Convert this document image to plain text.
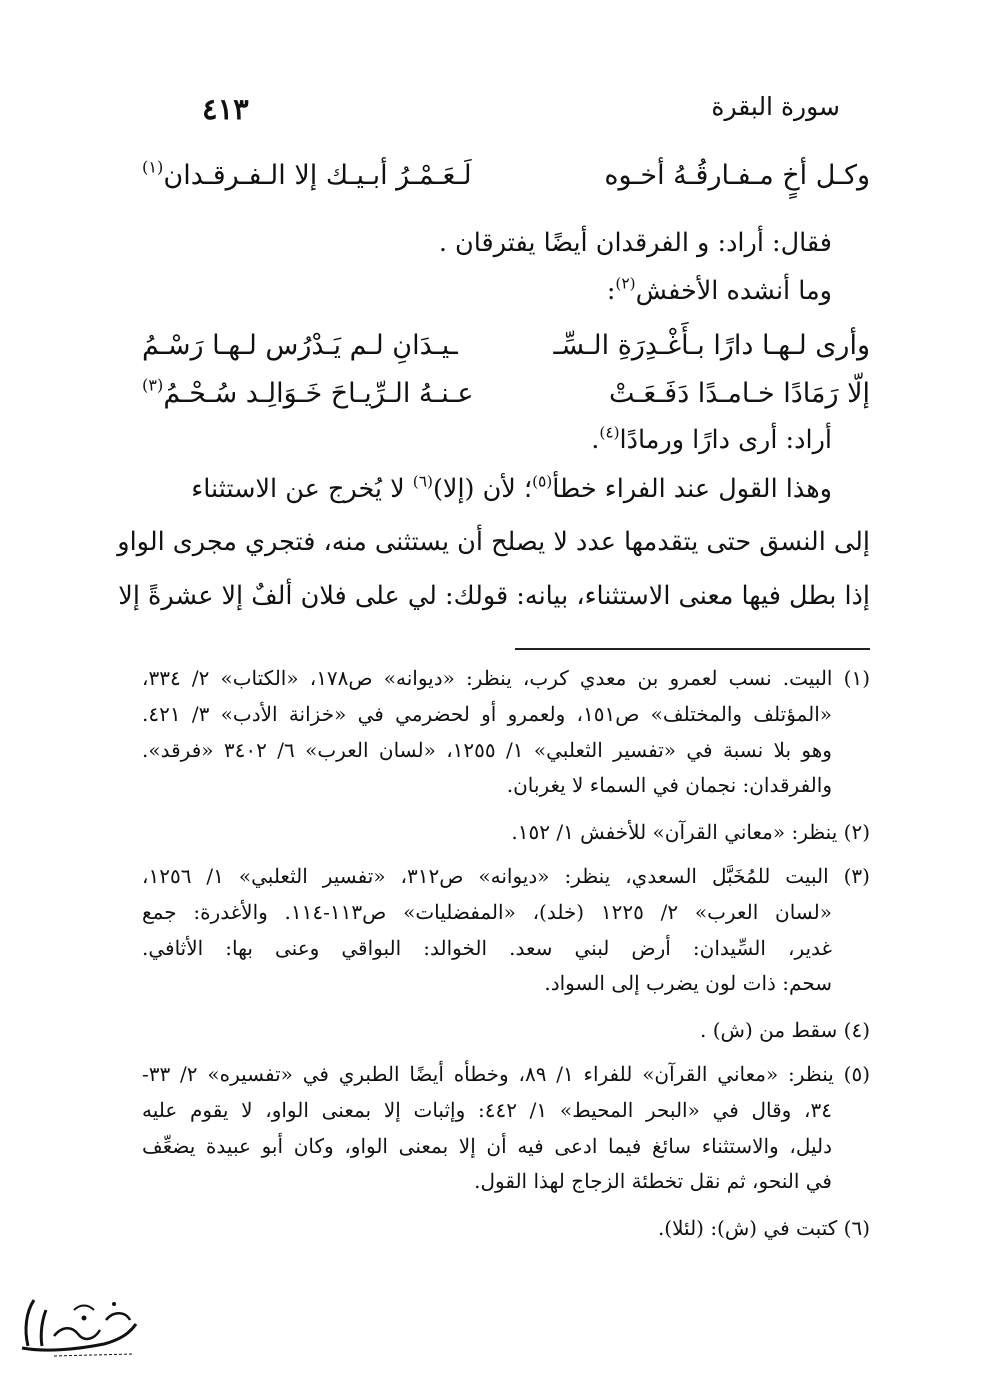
سورة البقرة
٤١٣
وكـل أخٍ مـفـارقُـهُ أخـوه
لَـعَـمْـرُ أبـيـك إلا الـفـرقـدان$^{(١)}$
فقال: أراد: و الفرقدان أيضًا يفترقان .
وما أنشده الأخفش$^{(٢)}$:
وأرى لـهـا دارًا بـأَغْـدِرَةِ الـسِّـ
ـيـدَانِ لـم يَـدْرُس لـهـا رَسْـمُ
إلّا رَمَادًا خـامـدًا دَفَـعَـتْ
عـنـهُ الـرِّيـاحَ خَـوَالِـد سُـحْـمُ$^{(٣)}$
أراد: أرى دارًا ورمادًا$^{(٤)}$.
وهذا القول عند الفراء خطأ$^{(٥)}$؛ لأن (إلا)$^{(٦)}$ لا يُخرج عن الاستثناء
إلى النسق حتى يتقدمها عدد لا يصلح أن يستثنى منه، فتجري مجرى الواو
إذا بطل فيها معنى الاستثناء، بيانه: قولك: لي على فلان ألفٌ إلا عشرةً إلا
(١) البيت. نسب لعمرو بن معدي كرب، ينظر: «ديوانه» ص١٧٨، «الكتاب» ٢/ ٣٣٤،
«المؤتلف والمختلف» ص١٥١، ولعمرو أو لحضرمي في «خزانة الأدب» ٣/ ٤٢١.
وهو بلا نسبة في «تفسير الثعلبي» ١/ ١٢٥٥، «لسان العرب» ٦/ ٣٤٠٢ «فرقد».
والفرقدان: نجمان في السماء لا يغربان.
(٢) ينظر: «معاني القرآن» للأخفش ١/ ١٥٢.
(٣) البيت للمُخَبَّل السعدي، ينظر: «ديوانه» ص٣١٢، «تفسير الثعلبي» ١/ ١٢٥٦،
«لسان العرب» ٢/ ١٢٢٥ (خلد)، «المفضليات» ص١١٣-١١٤. والأغدرة: جمع
غدير، السِّيدان: أرض لبني سعد. الخوالد: البواقي وعنى بها: الأثافي.
سحم: ذات لون يضرب إلى السواد.
(٤) سقط من (ش) .
(٥) ينظر: «معاني القرآن» للفراء ١/ ٨٩، وخطأه أيضًا الطبري في «تفسيره» ٢/ ٣٣-
٣٤، وقال في «البحر المحيط» ١/ ٤٤٢: وإثبات إلا بمعنى الواو، لا يقوم عليه
دليل، والاستثناء سائغ فيما ادعى فيه أن إلا بمعنى الواو، وكان أبو عبيدة يضعِّف
في النحو، ثم نقل تخطئة الزجاج لهذا القول.
(٦) كتبت في (ش): (لئلا).
